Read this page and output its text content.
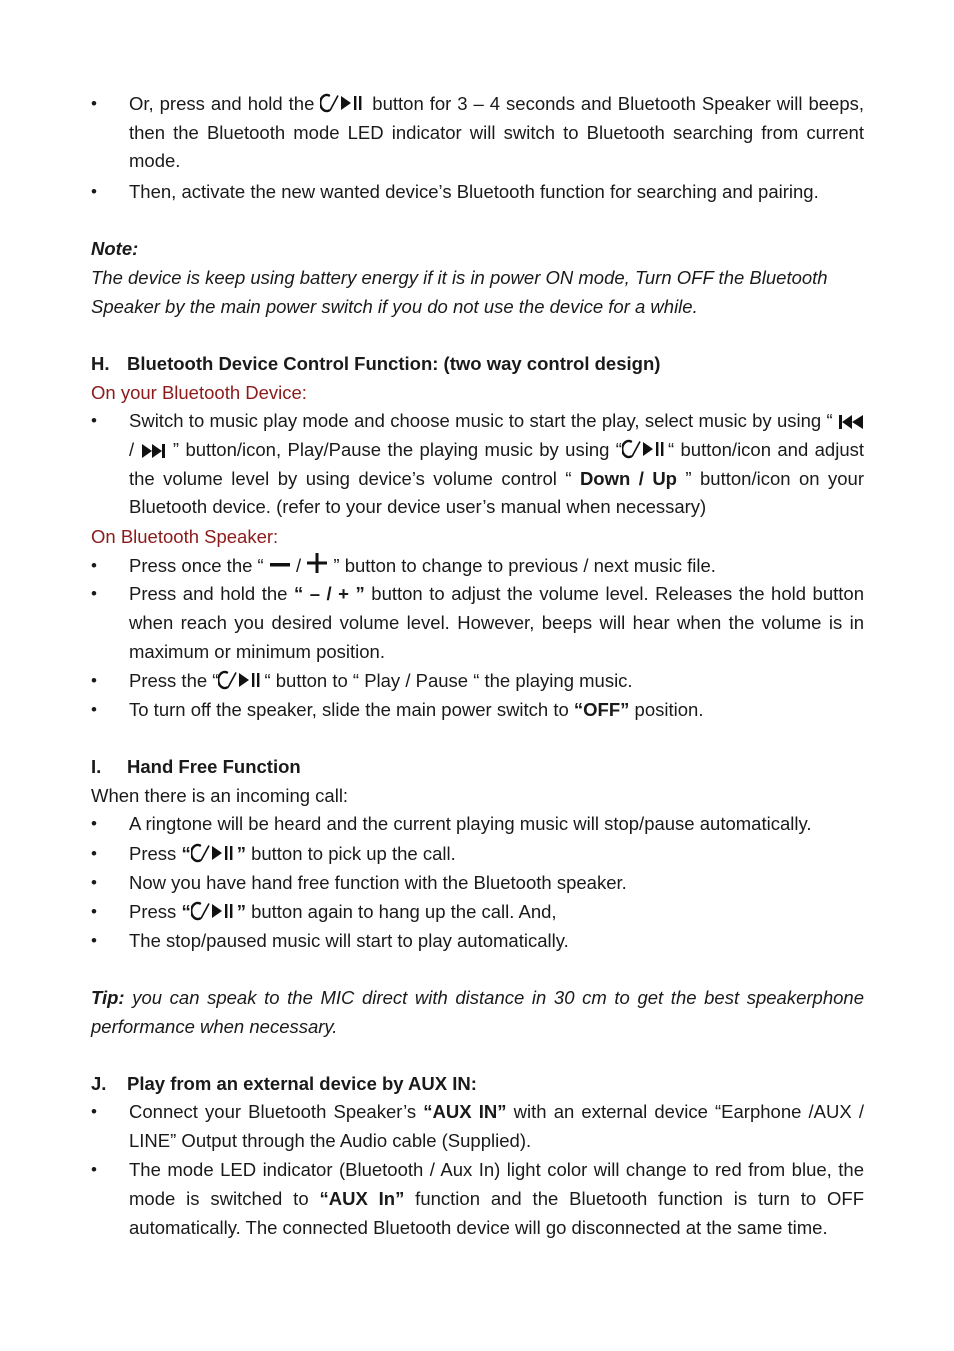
• Or, press and hold the
button for 3 – 4 seconds and Bluetooth Speaker will beeps, then the Bluetooth mode LED indicator will switch to Bluetooth searching from current mode.
• Then, activate the new wanted device’s Bluetooth function for searching and pairing.

Note:

The device is keep using battery energy if it is in power ON mode, Turn OFF the Bluetooth Speaker by the main power switch if you do not use the device for a while.

H. Bluetooth Device Control Function: (two way control design)
On your Bluetooth Device:
• Switch to music play mode and choose music to start the play, select music by using “
/
” button/icon, Play/Pause the playing music by using “ “ button/icon and adjust the volume level by using device’s volume control “ Down / Up ” button/icon on your Bluetooth device. (refer to your device user’s manual when necessary)
On Bluetooth Speaker:
• Press once the “
/
” button to change to previous / next music file.
• Press and hold the “ – / + ” button to adjust the volume level. Releases the hold button when reach you desired volume level. However, beeps will hear when the volume is in maximum or minimum position.
• Press the “ “ button to “ Play / Pause “ the playing music.
• To turn off the speaker, slide the main power switch to “OFF” position.
I. Hand Free Function

When there is an incoming call:

• A ringtone will be heard and the current playing music will stop/pause automatically.
• Press “ ” button to pick up the call.
• Now you have hand free function with the Bluetooth speaker.
• Press “ ” button again to hang up the call. And,
• The stop/paused music will start to play automatically.

Tip: you can speak to the MIC direct with distance in 30 cm to get the best speakerphone performance when necessary.

J. Play from an external device by AUX IN:
• Connect your Bluetooth Speaker’s “AUX IN” with an external device “Earphone /AUX / LINE” Output through the Audio cable (Supplied).
• The mode LED indicator (Bluetooth / Aux In) light color will change to red from blue, the mode is switched to “AUX In” function and the Bluetooth function is turn to OFF automatically. The connected Bluetooth device will go disconnected at the same time.
